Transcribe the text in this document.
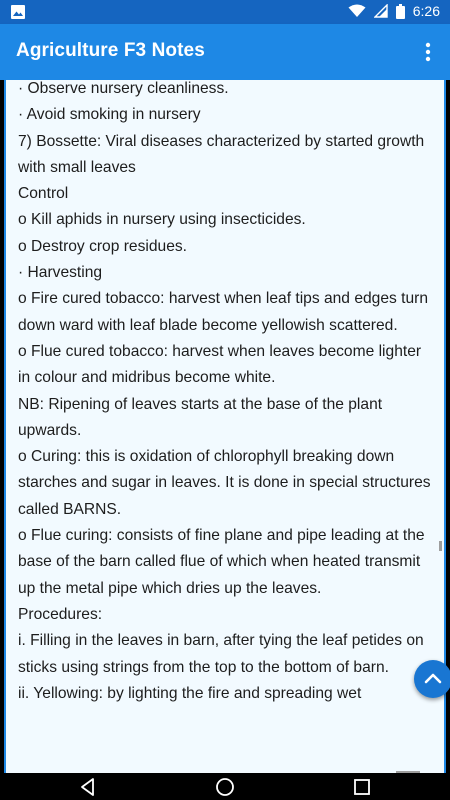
6:26
Agriculture F3 Notes

· Observe nursery cleanliness.

· Avoid smoking in nursery

7) Bossette: Viral diseases characterized by started growth with small leaves

Control

o Kill aphids in nursery using insecticides.

o Destroy crop residues.

· Harvesting

o Fire cured tobacco: harvest when leaf tips and edges turn down ward with leaf blade become yellowish scattered.

o Flue cured tobacco: harvest when leaves become lighter in colour and midribus become white.

NB: Ripening of leaves starts at the base of the plant upwards.

o Curing: this is oxidation of chlorophyll breaking down starches and sugar in leaves. It is done in special structures called BARNS.

o Flue curing: consists of fine plane and pipe leading at the base of the barn called flue of which when heated transmit up the metal pipe which dries up the leaves.

Procedures:

i. Filling in the leaves in barn, after tying the leaf petides on sticks using strings from the top to the bottom of barn.

ii. Yellowing: by lighting the fire and spreading wet
